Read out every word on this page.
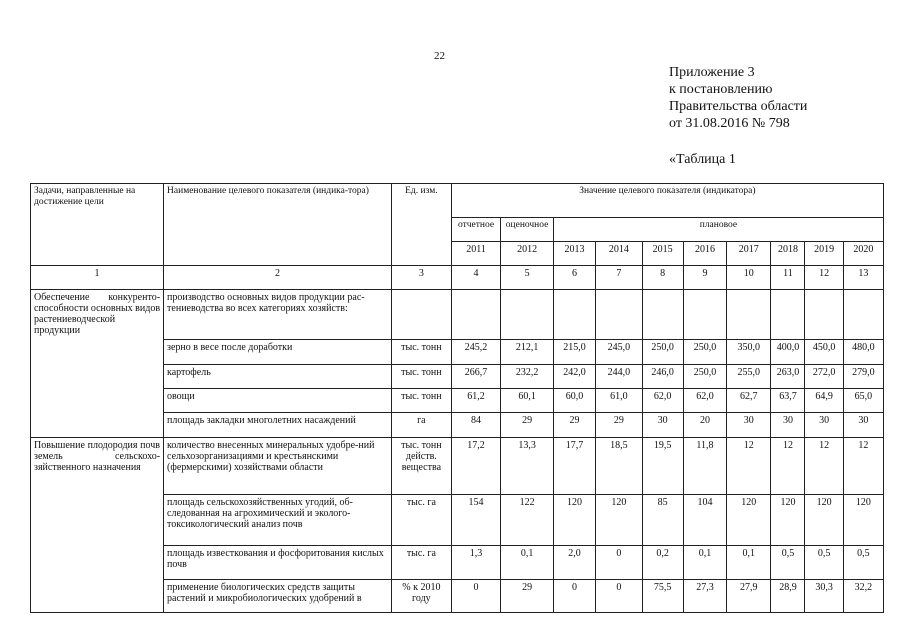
22
Приложение 3
к постановлению
Правительства области
от 31.08.2016 № 798
«Таблица 1
Задачи, направленные на достижение цели	Наименование целевого показателя (индика-тора)	Ед. изм.	Значение целевого показателя (индикатора)									
			отчетное	оценочное	плановое							
			2011	2012	2013	2014	2015	2016	2017	2018	2019	2020
1	2	3	4	5	6	7	8	9	10	11	12	13
Обеспечение конкуренто-способности основных видов растениеводческой продукции	производство основных видов продукции рас-тениеводства во всех категориях хозяйств:											
	зерно в весе после доработки	тыс. тонн	245,2	212,1	215,0	245,0	250,0	250,0	350,0	400,0	450,0	480,0
	картофель	тыс. тонн	266,7	232,2	242,0	244,0	246,0	250,0	255,0	263,0	272,0	279,0
	овощи	тыс. тонн	61,2	60,1	60,0	61,0	62,0	62,0	62,7	63,7	64,9	65,0
	площадь закладки многолетних насаждений	га	84	29	29	29	30	20	30	30	30	30
Повышение плодородия почв земель сельскохо-зяйственного назначения	количество внесенных минеральных удобре-ний сельхозорганизациями и крестьянскими (фермерскими) хозяйствами области	тыс. тонн действ. вещества	17,2	13,3	17,7	18,5	19,5	11,8	12	12	12	12
	площадь сельскохозяйственных угодий, об-следованная на агрохимический и эколого-токсикологический анализ почв	тыс. га	154	122	120	120	85	104	120	120	120	120
	площадь известкования и фосфоритования кислых почв	тыс. га	1,3	0,1	2,0	0	0,2	0,1	0,1	0,5	0,5	0,5
	применение биологических средств защиты растений и микробиологических удобрений в	% к 2010 году	0	29	0	0	75,5	27,3	27,9	28,9	30,3	32,2
